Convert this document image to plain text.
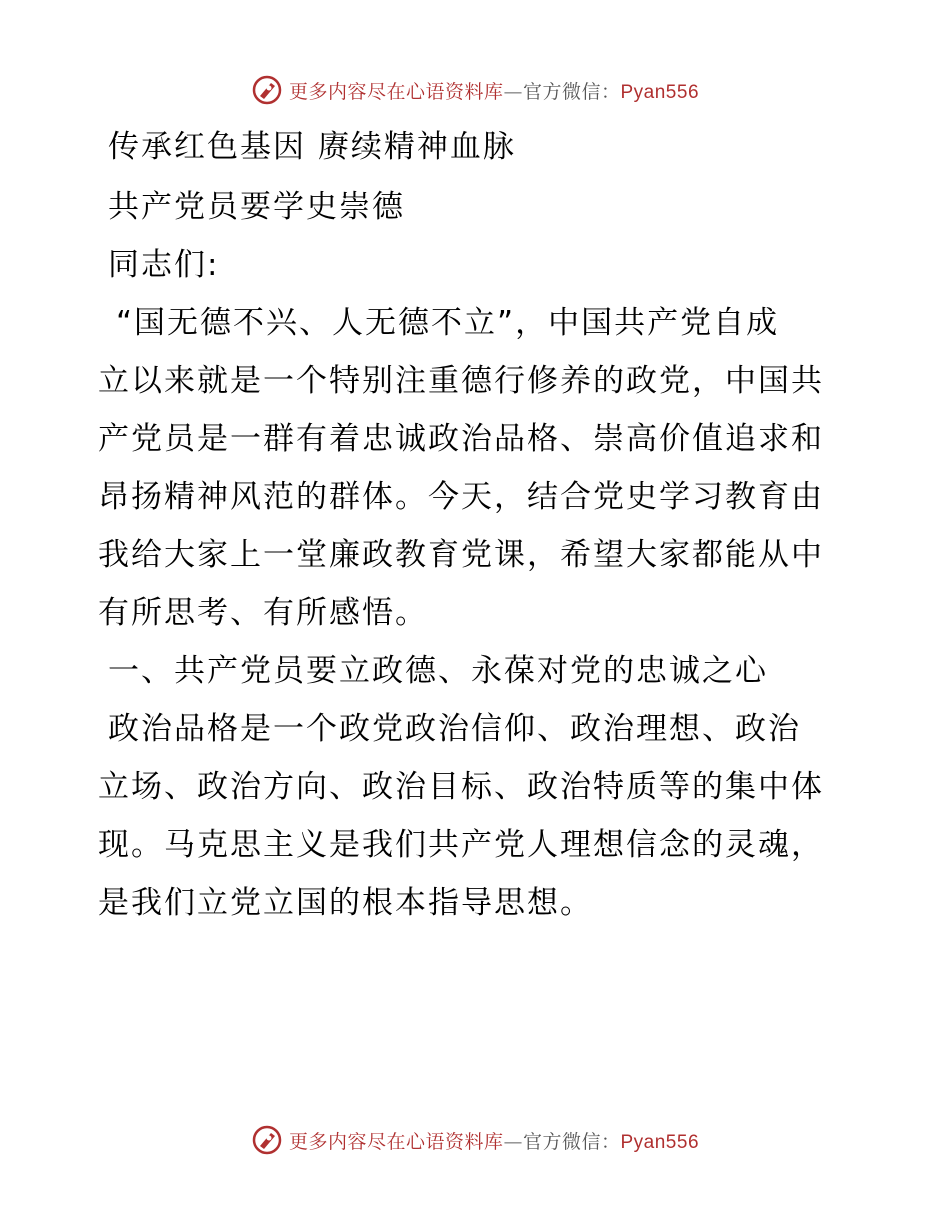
更多内容尽在心语资料库—官方微信：Pyan556
传承红色基因 赓续精神血脉
共产党员要学史崇德
同志们:
“国无德不兴、人无德不立”，中国共产党自成
立以来就是一个特别注重德行修养的政党，中国共
产党员是一群有着忠诚政治品格、崇高价值追求和
昂扬精神风范的群体。今天，结合党史学习教育由
我给大家上一堂廉政教育党课，希望大家都能从中
有所思考、有所感悟。
一、共产党员要立政德、永葆对党的忠诚之心
政治品格是一个政党政治信仰、政治理想、政治
立场、政治方向、政治目标、政治特质等的集中体
现。马克思主义是我们共产党人理想信念的灵魂，
是我们立党立国的根本指导思想。
更多内容尽在心语资料库—官方微信：Pyan556
